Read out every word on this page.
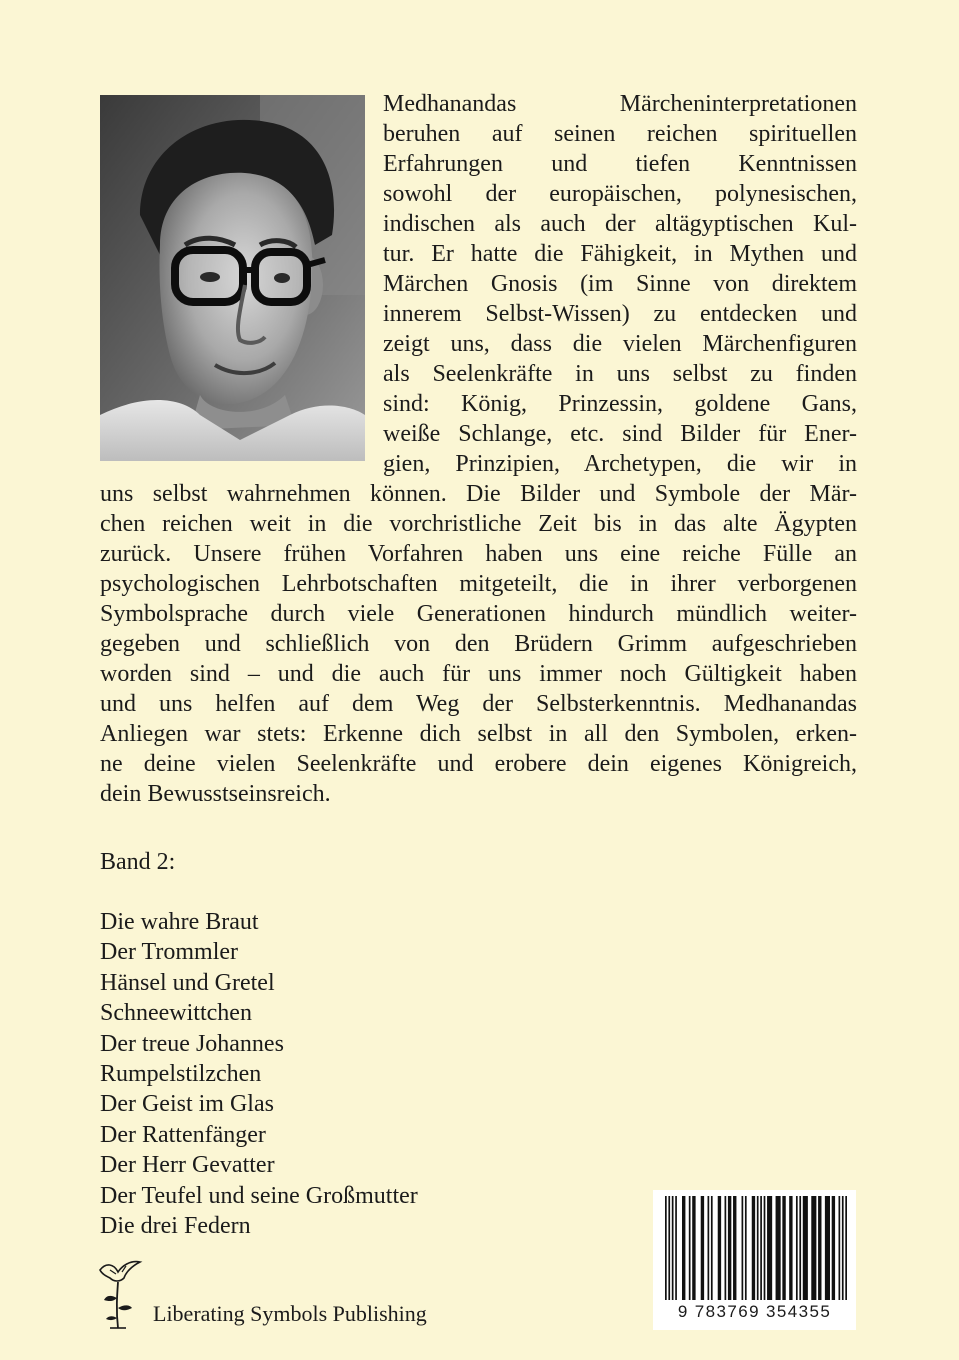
Medhanandas Märcheninterpretationen
beruhen auf seinen reichen spirituellen
Erfahrungen und tiefen Kenntnissen
sowohl der europäischen, polynesischen,
indischen als auch der altägyptischen Kul-
tur. Er hatte die Fähigkeit, in Mythen und
Märchen Gnosis (im Sinne von direktem
innerem Selbst-Wissen) zu entdecken und
zeigt uns, dass die vielen Märchenfiguren
als Seelenkräfte in uns selbst zu finden
sind: König, Prinzessin, goldene Gans,
weiße Schlange, etc. sind Bilder für Ener-
gien, Prinzipien, Archetypen, die wir in
uns selbst wahrnehmen können. Die Bilder und Symbole der Mär-
chen reichen weit in die vorchristliche Zeit bis in das alte Ägypten
zurück. Unsere frühen Vorfahren haben uns eine reiche Fülle an
psychologischen Lehrbotschaften mitgeteilt, die in ihrer verborgenen
Symbolsprache durch viele Generationen hindurch mündlich weiter-
gegeben und schließlich von den Brüdern Grimm aufgeschrieben
worden sind – und die auch für uns immer noch Gültigkeit haben
und uns helfen auf dem Weg der Selbsterkenntnis. Medhanandas
Anliegen war stets: Erkenne dich selbst in all den Symbolen, erken-
ne deine vielen Seelenkräfte und erobere dein eigenes Königreich,
dein Bewusstseinsreich.
Band 2:
Die wahre Braut
Der Trommler
Hänsel und Gretel
Schneewittchen
Der treue Johannes
Rumpelstilzchen
Der Geist im Glas
Der Rattenfänger
Der Herr Gevatter
Der Teufel und seine Großmutter
Die drei Federn
Liberating Symbols Publishing	9 783769 354355
